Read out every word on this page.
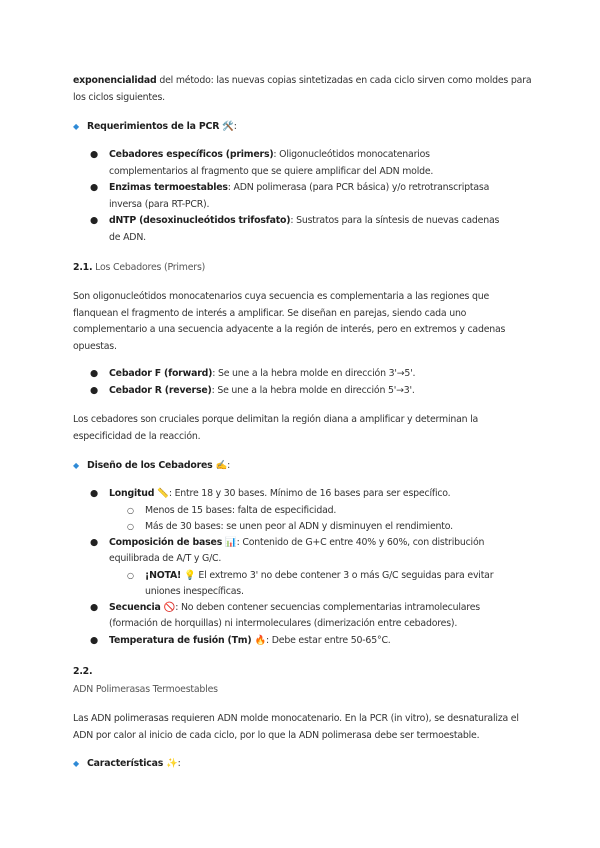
exponencialidad del método: las nuevas copias sintetizadas en cada ciclo sirven como moldes para los ciclos siguientes.

◆ Requerimientos de la PCR 🛠️:

● Cebadores específicos (primers): Oligonucleótidos monocatenarios complementarios al fragmento que se quiere amplificar del ADN molde.
● Enzimas termoestables: ADN polimerasa (para PCR básica) y/o retrotranscriptasa inversa (para RT-PCR).
● dNTP (desoxinucleótidos trifosfato): Sustratos para la síntesis de nuevas cadenas de ADN.

2.1. Los Cebadores (Primers)

Son oligonucleótidos monocatenarios cuya secuencia es complementaria a las regiones que flanquean el fragmento de interés a amplificar. Se diseñan en parejas, siendo cada uno complementario a una secuencia adyacente a la región de interés, pero en extremos y cadenas opuestas.

● Cebador F (forward): Se une a la hebra molde en dirección 3'→5'.
● Cebador R (reverse): Se une a la hebra molde en dirección 5'→3'.

Los cebadores son cruciales porque delimitan la región diana a amplificar y determinan la especificidad de la reacción.

◆ Diseño de los Cebadores ✍️:

● Longitud 📏: Entre 18 y 30 bases. Mínimo de 16 bases para ser específico.
○ Menos de 15 bases: falta de especificidad.
○ Más de 30 bases: se unen peor al ADN y disminuyen el rendimiento.
● Composición de bases 📊: Contenido de G+C entre 40% y 60%, con distribución equilibrada de A/T y G/C.
○ ¡NOTA! 💡 El extremo 3' no debe contener 3 o más G/C seguidas para evitar uniones inespecíficas.
● Secuencia 🚫: No deben contener secuencias complementarias intramoleculares (formación de horquillas) ni intermoleculares (dimerización entre cebadores).
● Temperatura de fusión (Tm) 🔥: Debe estar entre 50-65°C.

2.2.

ADN Polimerasas Termoestables

Las ADN polimerasas requieren ADN molde monocatenario. En la PCR (in vitro), se desnaturaliza el ADN por calor al inicio de cada ciclo, por lo que la ADN polimerasa debe ser termoestable.

◆ Características ✨:
